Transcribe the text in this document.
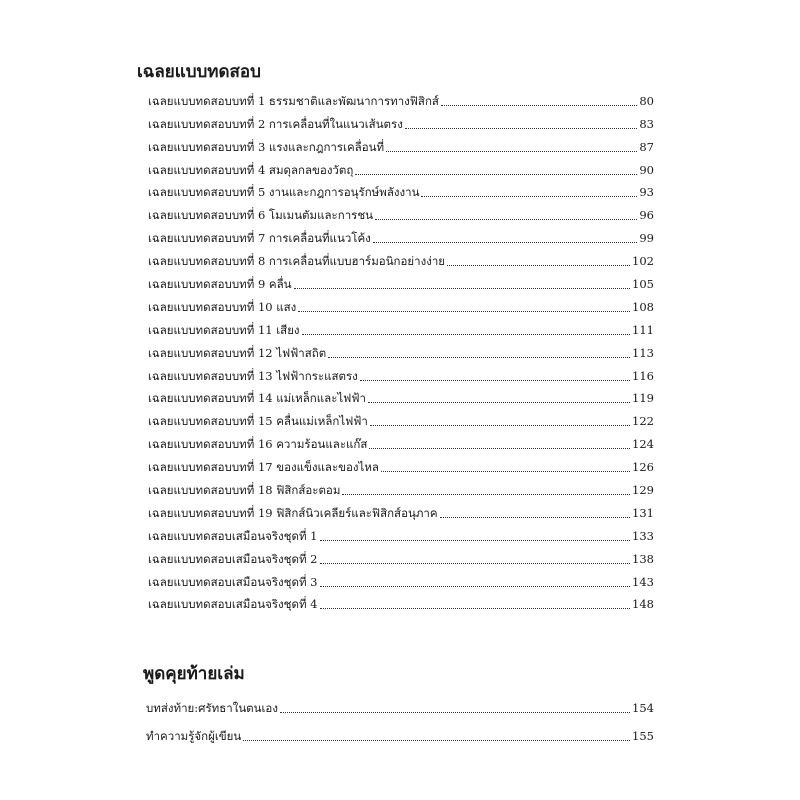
เฉลยแบบทดสอบ
เฉลยแบบทดสอบบทที่ 1 ธรรมชาติและพัฒนาการทางฟิสิกส์	80
เฉลยแบบทดสอบบทที่ 2 การเคลื่อนที่ในแนวเส้นตรง	83
เฉลยแบบทดสอบบทที่ 3 แรงและกฎการเคลื่อนที่	87
เฉลยแบบทดสอบบทที่ 4 สมดุลกลของวัตถุ	90
เฉลยแบบทดสอบบทที่ 5 งานและกฎการอนุรักษ์พลังงาน	93
เฉลยแบบทดสอบบทที่ 6 โมเมนตัมและการชน	96
เฉลยแบบทดสอบบทที่ 7 การเคลื่อนที่แนวโค้ง	99
เฉลยแบบทดสอบบทที่ 8 การเคลื่อนที่แบบฮาร์มอนิกอย่างง่าย	102
เฉลยแบบทดสอบบทที่ 9 คลื่น	105
เฉลยแบบทดสอบบทที่ 10 แสง	108
เฉลยแบบทดสอบบทที่ 11 เสียง	111
เฉลยแบบทดสอบบทที่ 12 ไฟฟ้าสถิต	113
เฉลยแบบทดสอบบทที่ 13 ไฟฟ้ากระแสตรง	116
เฉลยแบบทดสอบบทที่ 14 แม่เหล็กและไฟฟ้า	119
เฉลยแบบทดสอบบทที่ 15 คลื่นแม่เหล็กไฟฟ้า	122
เฉลยแบบทดสอบบทที่ 16 ความร้อนและแก๊ส	124
เฉลยแบบทดสอบบทที่ 17 ของแข็งและของไหล	126
เฉลยแบบทดสอบบทที่ 18 ฟิสิกส์อะตอม	129
เฉลยแบบทดสอบบทที่ 19 ฟิสิกส์นิวเคลียร์และฟิสิกส์อนุภาค	131
เฉลยแบบทดสอบเสมือนจริงชุดที่ 1	133
เฉลยแบบทดสอบเสมือนจริงชุดที่ 2	138
เฉลยแบบทดสอบเสมือนจริงชุดที่ 3	143
เฉลยแบบทดสอบเสมือนจริงชุดที่ 4	148
พูดคุยท้ายเล่ม
บทส่งท้าย:ศรัทธาในตนเอง	154
ทำความรู้จักผู้เขียน	155
